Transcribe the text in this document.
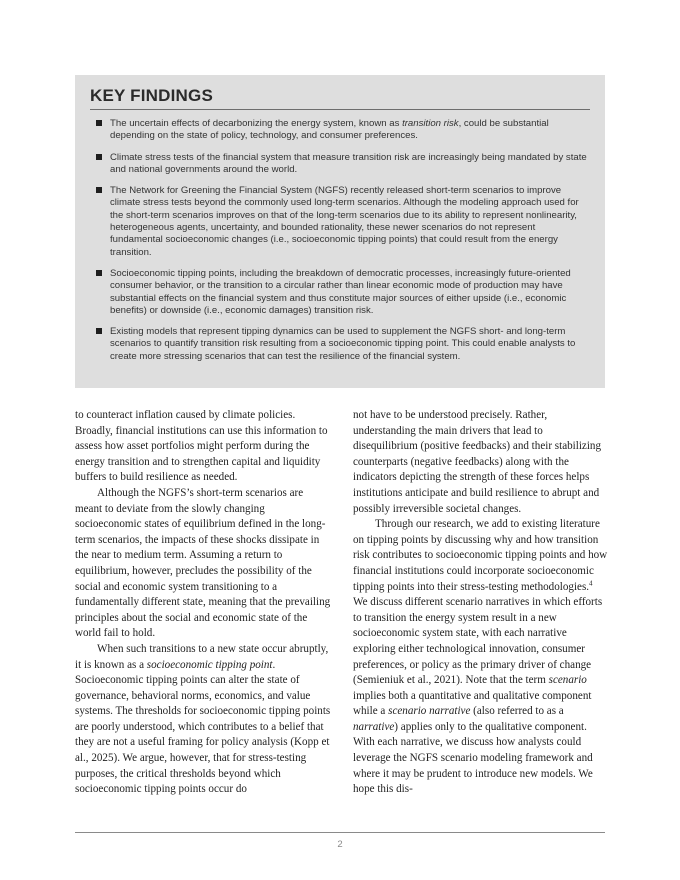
KEY FINDINGS
The uncertain effects of decarbonizing the energy system, known as transition risk, could be substantial depending on the state of policy, technology, and consumer preferences.
Climate stress tests of the financial system that measure transition risk are increasingly being mandated by state and national governments around the world.
The Network for Greening the Financial System (NGFS) recently released short-term scenarios to improve climate stress tests beyond the commonly used long-term scenarios. Although the modeling approach used for the short-term scenarios improves on that of the long-term scenarios due to its ability to represent nonlinearity, heterogeneous agents, uncertainty, and bounded rationality, these newer scenarios do not represent fundamental socioeconomic changes (i.e., socioeconomic tipping points) that could result from the energy transition.
Socioeconomic tipping points, including the breakdown of democratic processes, increasingly future-oriented consumer behavior, or the transition to a circular rather than linear economic mode of production may have substantial effects on the financial system and thus constitute major sources of either upside (i.e., economic benefits) or downside (i.e., economic damages) transition risk.
Existing models that represent tipping dynamics can be used to supplement the NGFS short- and long-term scenarios to quantify transition risk resulting from a socioeconomic tipping point. This could enable analysts to create more stressing scenarios that can test the resilience of the financial system.

to counteract inflation caused by climate policies. Broadly, financial institutions can use this information to assess how asset portfolios might perform during the energy transition and to strengthen capital and liquidity buffers to build resilience as needed.

Although the NGFS’s short-term scenarios are meant to deviate from the slowly changing socioeconomic states of equilibrium defined in the long-term scenarios, the impacts of these shocks dissipate in the near to medium term. Assuming a return to equilibrium, however, precludes the possibility of the social and economic system transitioning to a fundamentally different state, meaning that the prevailing principles about the social and economic state of the world fail to hold.

When such transitions to a new state occur abruptly, it is known as a socioeconomic tipping point. Socioeconomic tipping points can alter the state of governance, behavioral norms, economics, and value systems. The thresholds for socioeconomic tipping points are poorly understood, which contributes to a belief that they are not a useful framing for policy analysis (Kopp et al., 2025). We argue, however, that for stress-testing purposes, the critical thresholds beyond which socioeconomic tipping points occur do

not have to be understood precisely. Rather, understanding the main drivers that lead to disequilibrium (positive feedbacks) and their stabilizing counterparts (negative feedbacks) along with the indicators depicting the strength of these forces helps institutions anticipate and build resilience to abrupt and possibly irreversible societal changes.

Through our research, we add to existing literature on tipping points by discussing why and how transition risk contributes to socioeconomic tipping points and how financial institutions could incorporate socioeconomic tipping points into their stress-testing methodologies.$^4$ We discuss different scenario narratives in which efforts to transition the energy system result in a new socioeconomic system state, with each narrative exploring either technological innovation, consumer preferences, or policy as the primary driver of change (Semieniuk et al., 2021). Note that the term scenario implies both a quantitative and qualitative component while a scenario narrative (also referred to as a narrative) applies only to the qualitative component. With each narrative, we discuss how analysts could leverage the NGFS scenario modeling framework and where it may be prudent to introduce new models. We hope this dis-

2
